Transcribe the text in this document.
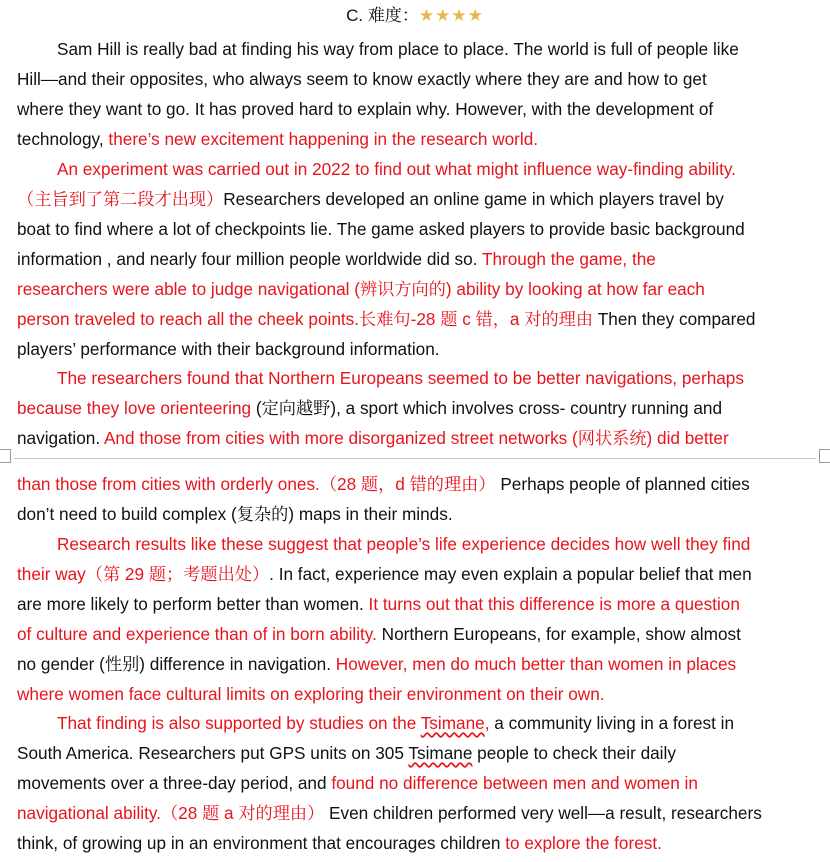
C. 难度：★★★★
Sam Hill is really bad at finding his way from place to place. The world is full of people like
Hill—and their opposites, who always seem to know exactly where they are and how to get
where they want to go. It has proved hard to explain why. However, with the development of
technology, there’s new excitement happening in the research world.
An experiment was carried out in 2022 to find out what might influence way-finding ability.
（主旨到了第二段才出现）Researchers developed an online game in which players travel by
boat to find where a lot of checkpoints lie. The game asked players to provide basic background
information , and nearly four million people worldwide did so. Through the game, the
researchers were able to judge navigational (辨识方向的) ability by looking at how far each
person traveled to reach all the cheek points.长难句-28 题 c 错，a 对的理由 Then they compared
players’ performance with their background information.
The researchers found that Northern Europeans seemed to be better navigations, perhaps
because they love orienteering (定向越野), a sport which involves cross- country running and
navigation. And those from cities with more disorganized street networks (网状系统) did better
than those from cities with orderly ones.（28 题，d 错的理由） Perhaps people of planned cities
don’t need to build complex (复杂的) maps in their minds.
Research results like these suggest that people’s life experience decides how well they find
their way（第 29 题；考题出处）. In fact, experience may even explain a popular belief that men
are more likely to perform better than women. It turns out that this difference is more a question
of culture and experience than of in born ability. Northern Europeans, for example, show almost
no gender (性别) difference in navigation. However, men do much better than women in places
where women face cultural limits on exploring their environment on their own.
That finding is also supported by studies on the Tsimane, a community living in a forest in
South America. Researchers put GPS units on 305 Tsimane people to check their daily
movements over a three-day period, and found no difference between men and women in
navigational ability.（28 题 a 对的理由） Even children performed very well—a result, researchers
think, of growing up in an environment that encourages children to explore the forest.
